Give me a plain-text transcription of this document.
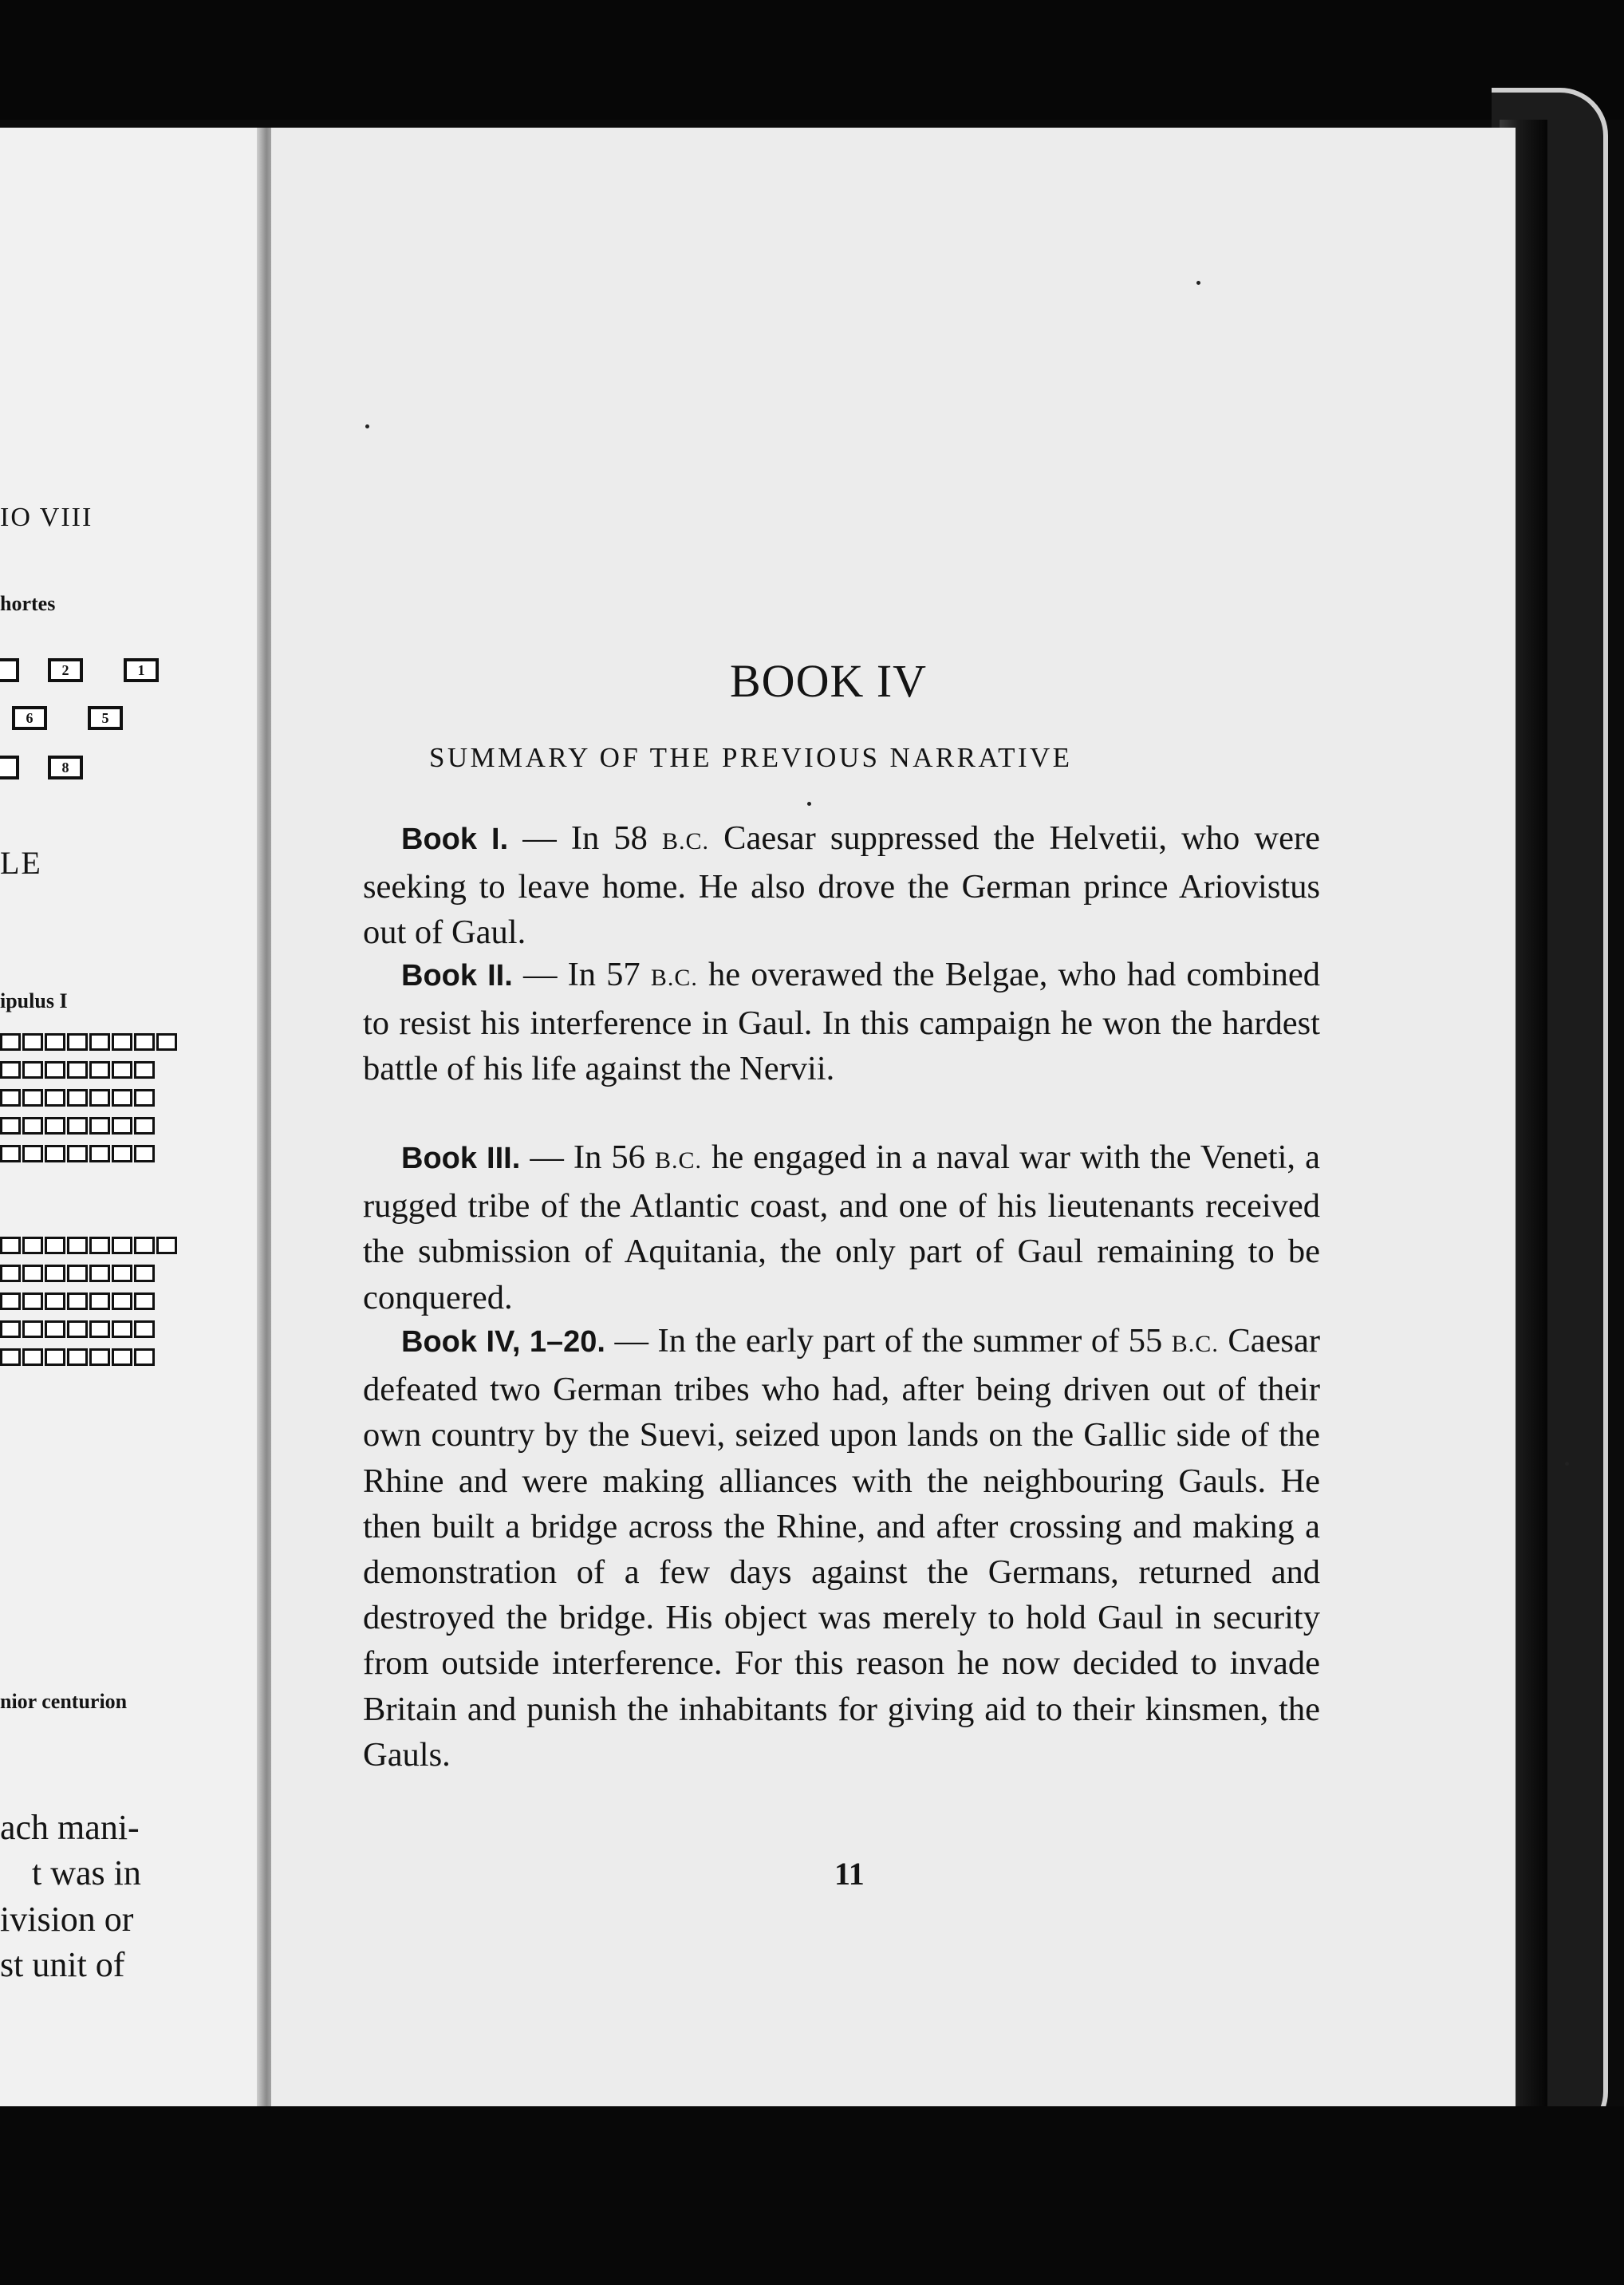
IO VIII
hortes
2	1
6	5
8
LE
ipulus I
nior centurion
ach mani-
t was in
ivision or
st unit of
BOOK IV
SUMMARY OF THE PREVIOUS NARRATIVE

Book I. — In 58 B.C. Caesar suppressed the Helvetii, who were seeking to leave home. He also drove the German prince Ariovistus out of Gaul.

Book II. — In 57 B.C. he overawed the Belgae, who had combined to resist his interference in Gaul. In this campaign he won the hardest battle of his life against the Nervii.

Book III. — In 56 B.C. he engaged in a naval war with the Veneti, a rugged tribe of the Atlantic coast, and one of his lieutenants received the submission of Aquitania, the only part of Gaul remaining to be conquered.

Book IV, 1–20. — In the early part of the summer of 55 B.C. Caesar defeated two German tribes who had, after being driven out of their own country by the Suevi, seized upon lands on the Gallic side of the Rhine and were making alliances with the neighbouring Gauls. He then built a bridge across the Rhine, and after crossing and making a demonstration of a few days against the Germans, returned and destroyed the bridge. His object was merely to hold Gaul in security from outside interference. For this reason he now decided to invade Britain and punish the inhabitants for giving aid to their kinsmen, the Gauls.

11
